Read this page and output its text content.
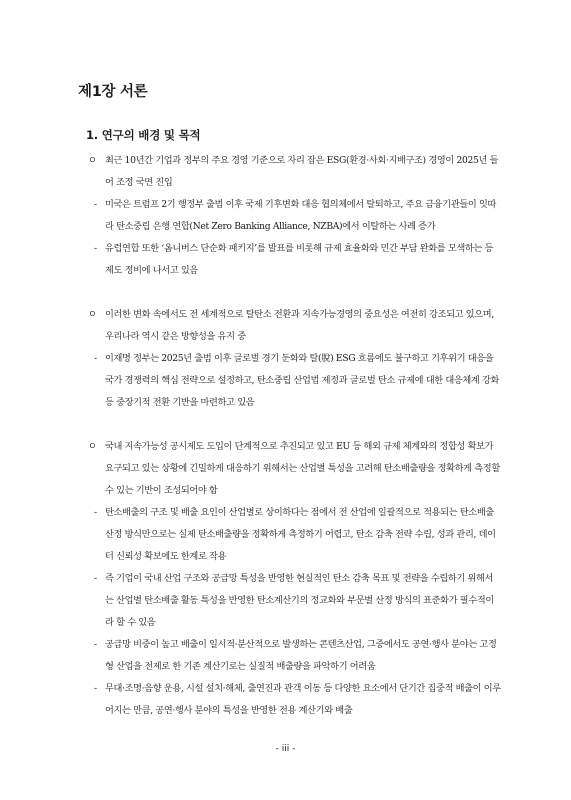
제1장 서론
1. 연구의 배경 및 목적
ㅇ 최근 10년간 기업과 정부의 주요 경영 기준으로 자리 잡은 ESG(환경·사회·지배구조) 경영이 2025년 들어 조정 국면 진입
- 미국은 트럼프 2기 행정부 출범 이후 국제 기후변화 대응 협의체에서 탈퇴하고, 주요 금융기관들이 잇따라 탄소중립 은행 연합(Net Zero Banking Alliance, NZBA)에서 이탈하는 사례 증가
- 유럽연합 또한 ‘옴니버스 단순화 패키지’를 발표를 비롯해 규제 효율화와 민간 부담 완화를 모색하는 등 제도 정비에 나서고 있음
ㅇ 이러한 변화 속에서도 전 세계적으로 탈탄소 전환과 지속가능경영의 중요성은 여전히 강조되고 있으며, 우리나라 역시 같은 방향성을 유지 중
- 이재명 정부는 2025년 출범 이후 글로벌 경기 둔화와 탈(脫) ESG 흐름에도 불구하고 기후위기 대응을 국가 경쟁력의 핵심 전략으로 설정하고, 탄소중립 산업법 제정과 글로벌 탄소 규제에 대한 대응체계 강화 등 중장기적 전환 기반을 마련하고 있음
ㅇ 국내 지속가능성 공시제도 도입이 단계적으로 추진되고 있고 EU 등 해외 규제 체계와의 정합성 확보가 요구되고 있는 상황에 긴밀하게 대응하기 위해서는 산업별 특성을 고려해 탄소배출량을 정확하게 측정할 수 있는 기반이 조성되어야 함
- 탄소배출의 구조 및 배출 요인이 산업별로 상이하다는 점에서 전 산업에 일괄적으로 적용되는 탄소배출 산정 방식만으로는 실제 탄소배출량을 정확하게 측정하기 어렵고, 탄소 감축 전략 수립, 성과 관리, 데이터 신뢰성 확보에도 한계로 작용
- 즉 기업이 국내 산업 구조와 공급망 특성을 반영한 현실적인 탄소 감축 목표 및 전략을 수립하기 위해서는 산업별 탄소배출 활동 특성을 반영한 탄소계산기의 정교화와 부문별 산정 방식의 표준화가 필수적이라 할 수 있음
- 공급망 비중이 높고 배출이 일시적·분산적으로 발생하는 콘텐츠산업, 그중에서도 공연·행사 분야는 고정형 산업을 전제로 한 기존 계산기로는 실질적 배출량을 파악하기 어려움
- 무대·조명·음향 운용, 시설 설치·해체, 출연진과 관객 이동 등 다양한 요소에서 단기간 집중적 배출이 이루어지는 만큼, 공연·행사 분야의 특성을 반영한 전용 계산기와 배출
- iii -
